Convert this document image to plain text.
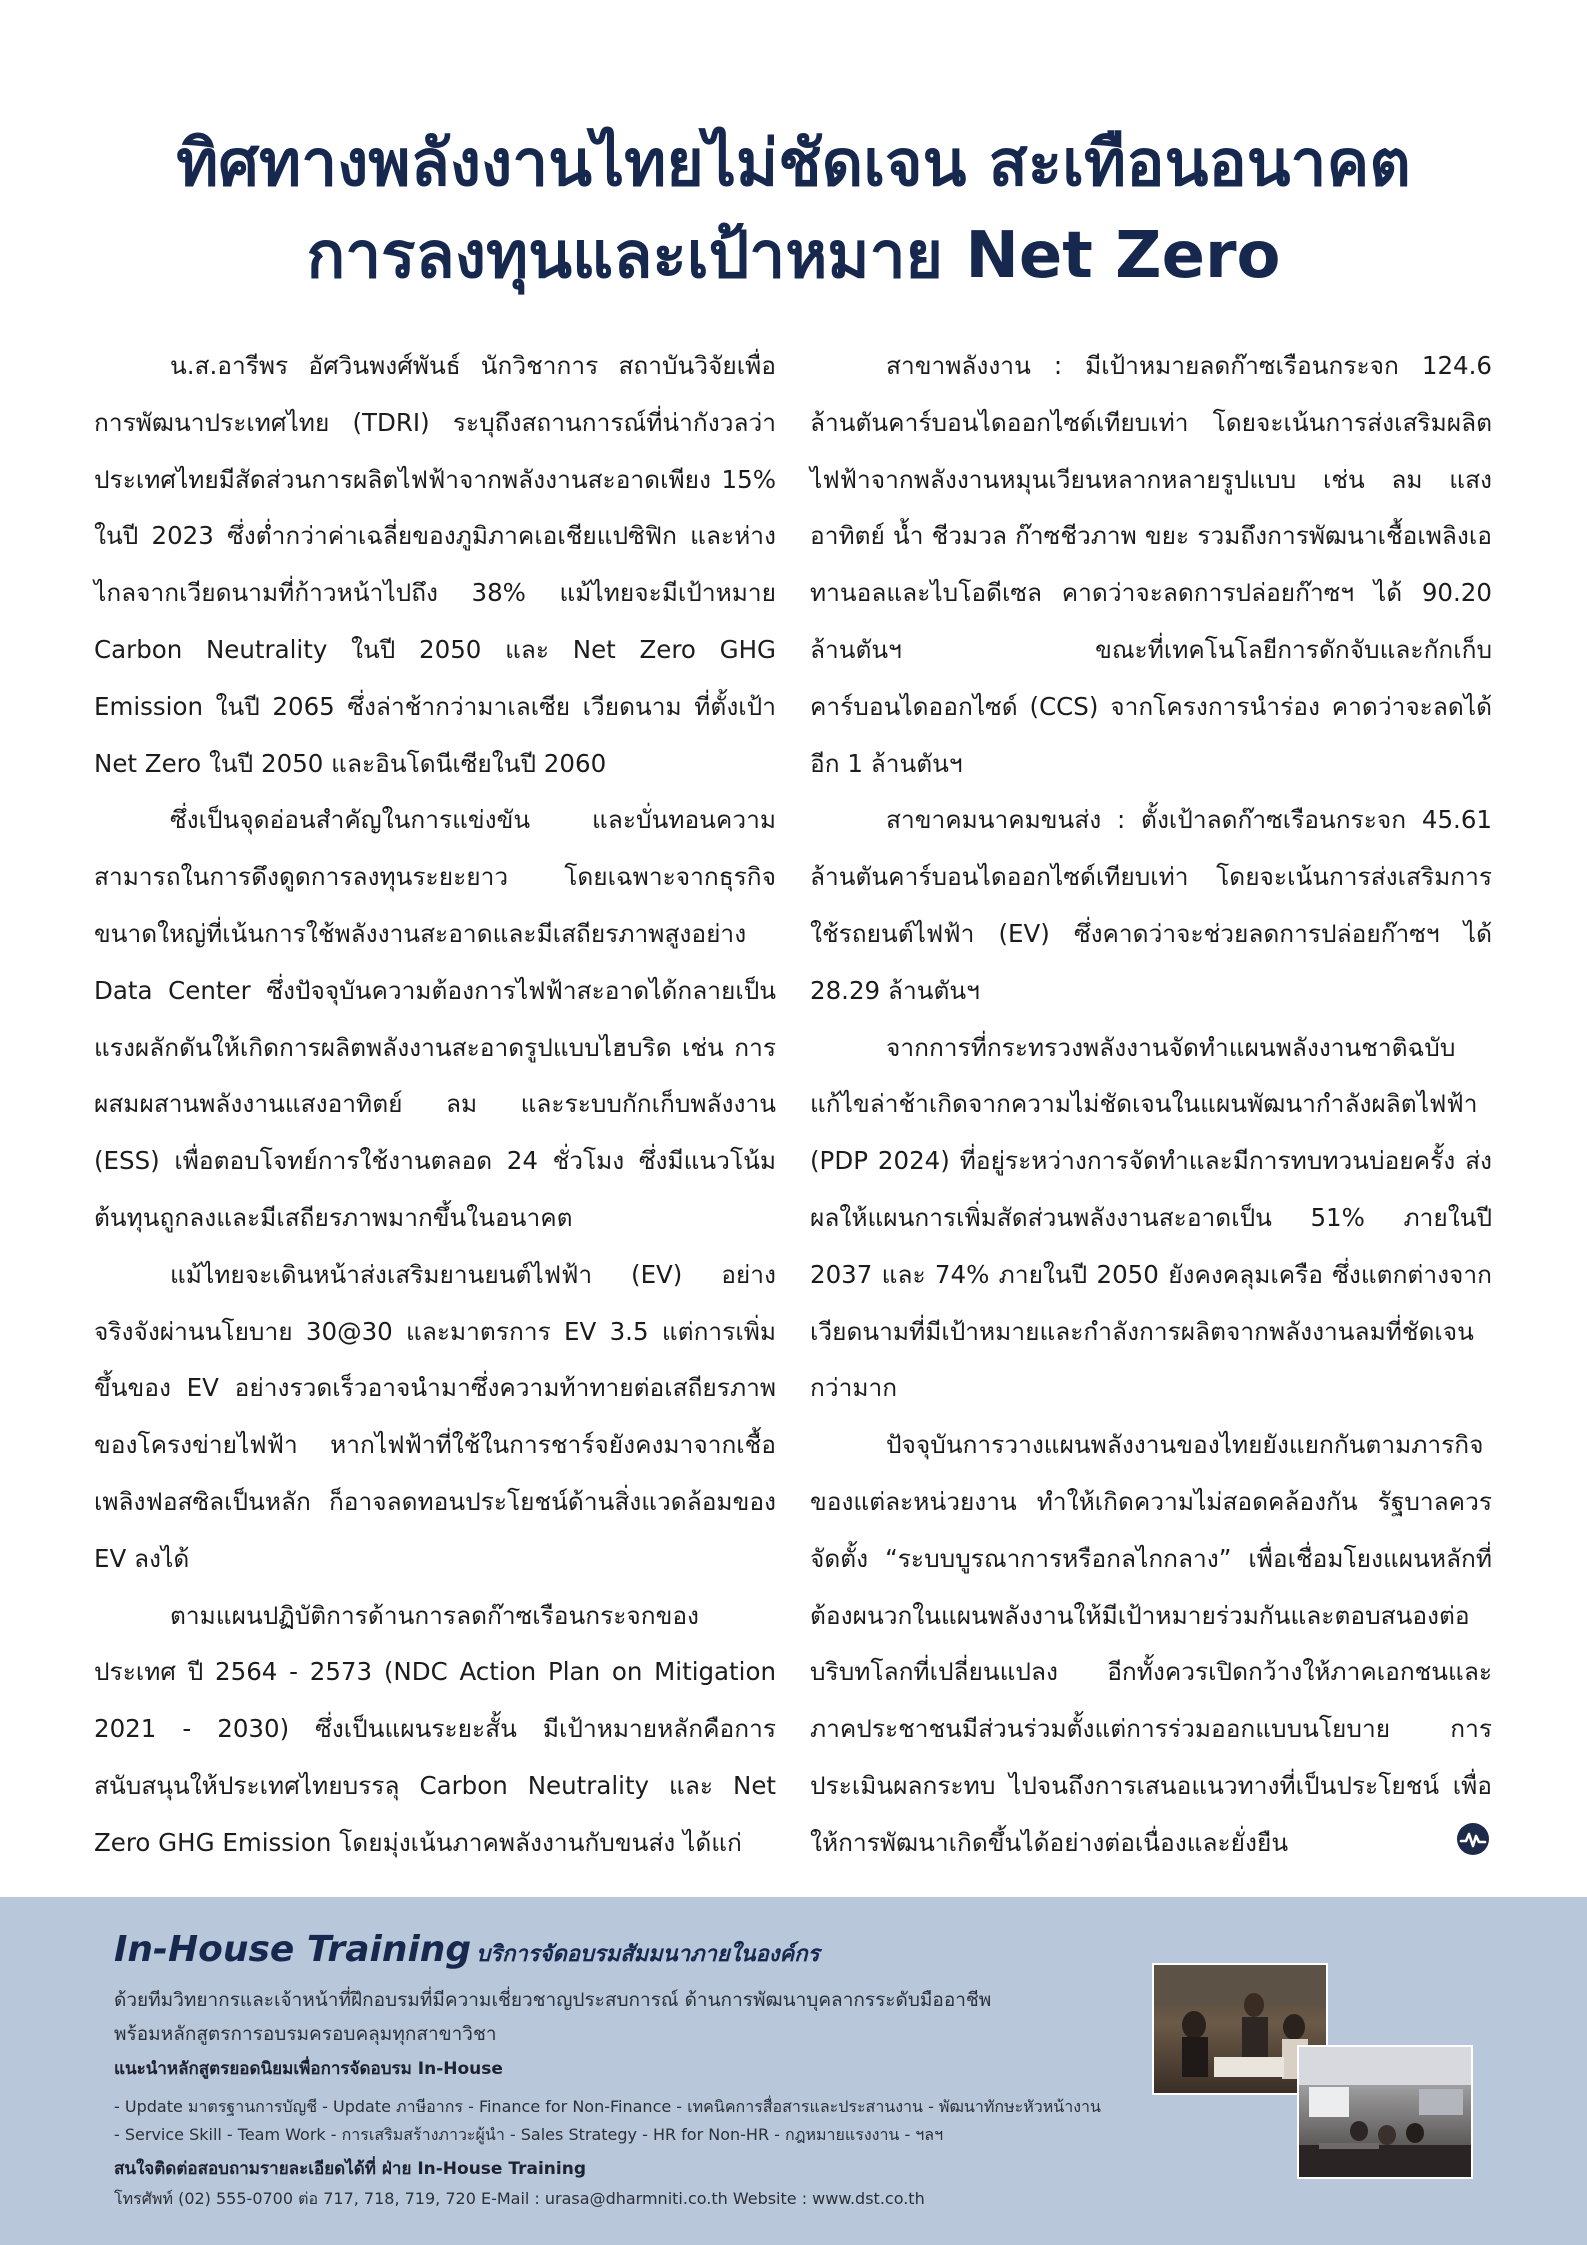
ทิศทางพลังงานไทยไม่ชัดเจน สะเทือนอนาคต
การลงทุนและเป้าหมาย Net Zero

น.ส.อารีพร อัศวินพงศ์พันธ์ นักวิชาการ สถาบันวิจัยเพื่อการพัฒนาประเทศไทย (TDRI) ระบุถึงสถานการณ์ที่น่ากังวลว่าประเทศไทยมีสัดส่วนการผลิตไฟฟ้าจากพลังงานสะอาดเพียง 15% ในปี 2023 ซึ่งต่ำกว่าค่าเฉลี่ยของภูมิภาคเอเชียแปซิฟิก และห่างไกลจากเวียดนามที่ก้าวหน้าไปถึง 38% แม้ไทยจะมีเป้าหมาย Carbon Neutrality ในปี 2050 และ Net Zero GHG Emission ในปี 2065 ซึ่งล่าช้ากว่ามาเลเซีย เวียดนาม ที่ตั้งเป้า Net Zero ในปี 2050 และอินโดนีเซียในปี 2060

ซึ่งเป็นจุดอ่อนสำคัญในการแข่งขัน และบั่นทอนความสามารถในการดึงดูดการลงทุนระยะยาว โดยเฉพาะจากธุรกิจขนาดใหญ่ที่เน้นการใช้พลังงานสะอาดและมีเสถียรภาพสูงอย่าง Data Center ซึ่งปัจจุบันความต้องการไฟฟ้าสะอาดได้กลายเป็นแรงผลักดันให้เกิดการผลิตพลังงานสะอาดรูปแบบไฮบริด เช่น การผสมผสานพลังงานแสงอาทิตย์ ลม และระบบกักเก็บพลังงาน (ESS) เพื่อตอบโจทย์การใช้งานตลอด 24 ชั่วโมง ซึ่งมีแนวโน้มต้นทุนถูกลงและมีเสถียรภาพมากขึ้นในอนาคต

แม้ไทยจะเดินหน้าส่งเสริมยานยนต์ไฟฟ้า (EV) อย่างจริงจังผ่านนโยบาย 30@30 และมาตรการ EV 3.5 แต่การเพิ่มขึ้นของ EV อย่างรวดเร็วอาจนำมาซึ่งความท้าทายต่อเสถียรภาพของโครงข่ายไฟฟ้า หากไฟฟ้าที่ใช้ในการชาร์จยังคงมาจากเชื้อเพลิงฟอสซิลเป็นหลัก ก็อาจลดทอนประโยชน์ด้านสิ่งแวดล้อมของ EV ลงได้

ตามแผนปฏิบัติการด้านการลดก๊าซเรือนกระจกของประเทศ ปี 2564 - 2573 (NDC Action Plan on Mitigation 2021 - 2030) ซึ่งเป็นแผนระยะสั้น มีเป้าหมายหลักคือการสนับสนุนให้ประเทศไทยบรรลุ Carbon Neutrality และ Net Zero GHG Emission โดยมุ่งเน้นภาคพลังงานกับขนส่ง ได้แก่

สาขาพลังงาน : มีเป้าหมายลดก๊าซเรือนกระจก 124.6 ล้านตันคาร์บอนไดออกไซด์เทียบเท่า โดยจะเน้นการส่งเสริมผลิตไฟฟ้าจากพลังงานหมุนเวียนหลากหลายรูปแบบ เช่น ลม แสงอาทิตย์ น้ำ ชีวมวล ก๊าซชีวภาพ ขยะ รวมถึงการพัฒนาเชื้อเพลิงเอทานอลและไบโอดีเซล คาดว่าจะลดการปล่อยก๊าซฯ ได้ 90.20 ล้านตันฯ ขณะที่เทคโนโลยีการดักจับและกักเก็บคาร์บอนไดออกไซด์ (CCS) จากโครงการนำร่อง คาดว่าจะลดได้อีก 1 ล้านตันฯ

สาขาคมนาคมขนส่ง : ตั้งเป้าลดก๊าซเรือนกระจก 45.61 ล้านตันคาร์บอนไดออกไซด์เทียบเท่า โดยจะเน้นการส่งเสริมการใช้รถยนต์ไฟฟ้า (EV) ซึ่งคาดว่าจะช่วยลดการปล่อยก๊าซฯ ได้ 28.29 ล้านตันฯ

จากการที่กระทรวงพลังงานจัดทำแผนพลังงานชาติฉบับแก้ไขล่าช้าเกิดจากความไม่ชัดเจนในแผนพัฒนากำลังผลิตไฟฟ้า (PDP 2024) ที่อยู่ระหว่างการจัดทำและมีการทบทวนบ่อยครั้ง ส่งผลให้แผนการเพิ่มสัดส่วนพลังงานสะอาดเป็น 51% ภายในปี 2037 และ 74% ภายในปี 2050 ยังคงคลุมเครือ ซึ่งแตกต่างจากเวียดนามที่มีเป้าหมายและกำลังการผลิตจากพลังงานลมที่ชัดเจนกว่ามาก

ปัจจุบันการวางแผนพลังงานของไทยยังแยกกันตามภารกิจของแต่ละหน่วยงาน ทำให้เกิดความไม่สอดคล้องกัน รัฐบาลควรจัดตั้ง “ระบบบูรณาการหรือกลไกกลาง” เพื่อเชื่อมโยงแผนหลักที่ต้องผนวกในแผนพลังงานให้มีเป้าหมายร่วมกันและตอบสนองต่อบริบทโลกที่เปลี่ยนแปลง อีกทั้งควรเปิดกว้างให้ภาคเอกชนและภาคประชาชนมีส่วนร่วมตั้งแต่การร่วมออกแบบนโยบาย การประเมินผลกระทบ ไปจนถึงการเสนอแนวทางที่เป็นประโยชน์ เพื่อให้การพัฒนาเกิดขึ้นได้อย่างต่อเนื่องและยั่งยืน

In-House Training บริการจัดอบรมสัมมนาภายในองค์กร
ด้วยทีมวิทยากรและเจ้าหน้าที่ฝึกอบรมที่มีความเชี่ยวชาญประสบการณ์ ด้านการพัฒนาบุคลากรระดับมืออาชีพ
พร้อมหลักสูตรการอบรมครอบคลุมทุกสาขาวิชา
แนะนำหลักสูตรยอดนิยมเพื่อการจัดอบรม In-House
- Update มาตรฐานการบัญชี - Update ภาษีอากร - Finance for Non-Finance - เทคนิคการสื่อสารและประสานงาน - พัฒนาทักษะหัวหน้างาน
- Service Skill - Team Work - การเสริมสร้างภาวะผู้นำ - Sales Strategy - HR for Non-HR - กฎหมายแรงงาน - ฯลฯ
สนใจติดต่อสอบถามรายละเอียดได้ที่ ฝ่าย In-House Training
โทรศัพท์ (02) 555-0700 ต่อ 717, 718, 719, 720 E-Mail : urasa@dharmniti.co.th Website : www.dst.co.th
